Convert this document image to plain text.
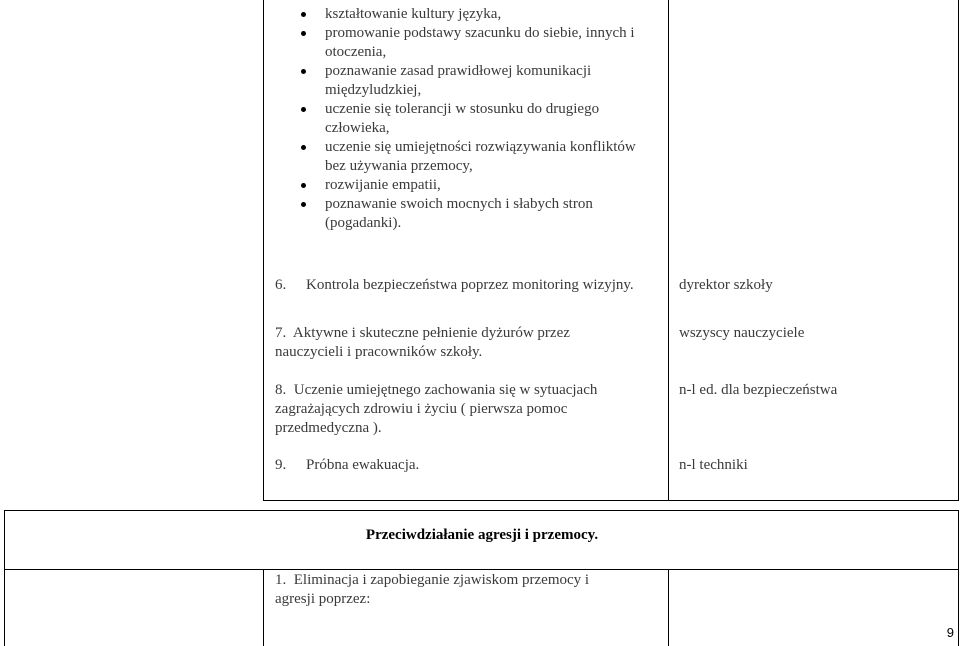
kształtowanie kultury języka,
promowanie podstawy szacunku do siebie, innych i
otoczenia,
poznawanie zasad prawidłowej komunikacji
międzyludzkiej,
uczenie się tolerancji w stosunku do drugiego
człowieka,
uczenie się umiejętności rozwiązywania konfliktów
bez używania przemocy,
rozwijanie empatii,
poznawanie swoich mocnych i słabych stron
(pogadanki).
6. Kontrola bezpieczeństwa poprzez monitoring wizyjny.	dyrektor szkoły
7.  Aktywne i skuteczne pełnienie dyżurów przez
nauczycieli i pracowników szkoły.
wszyscy nauczyciele
8.  Uczenie umiejętnego zachowania się w sytuacjach
zagrażających zdrowiu i życiu ( pierwsza pomoc
przedmedyczna ).
n-l ed. dla bezpieczeństwa
9. Próbna ewakuacja.	n-l techniki
Przeciwdziałanie agresji i przemocy.
1.  Eliminacja i zapobieganie zjawiskom przemocy i
agresji poprzez:
9
